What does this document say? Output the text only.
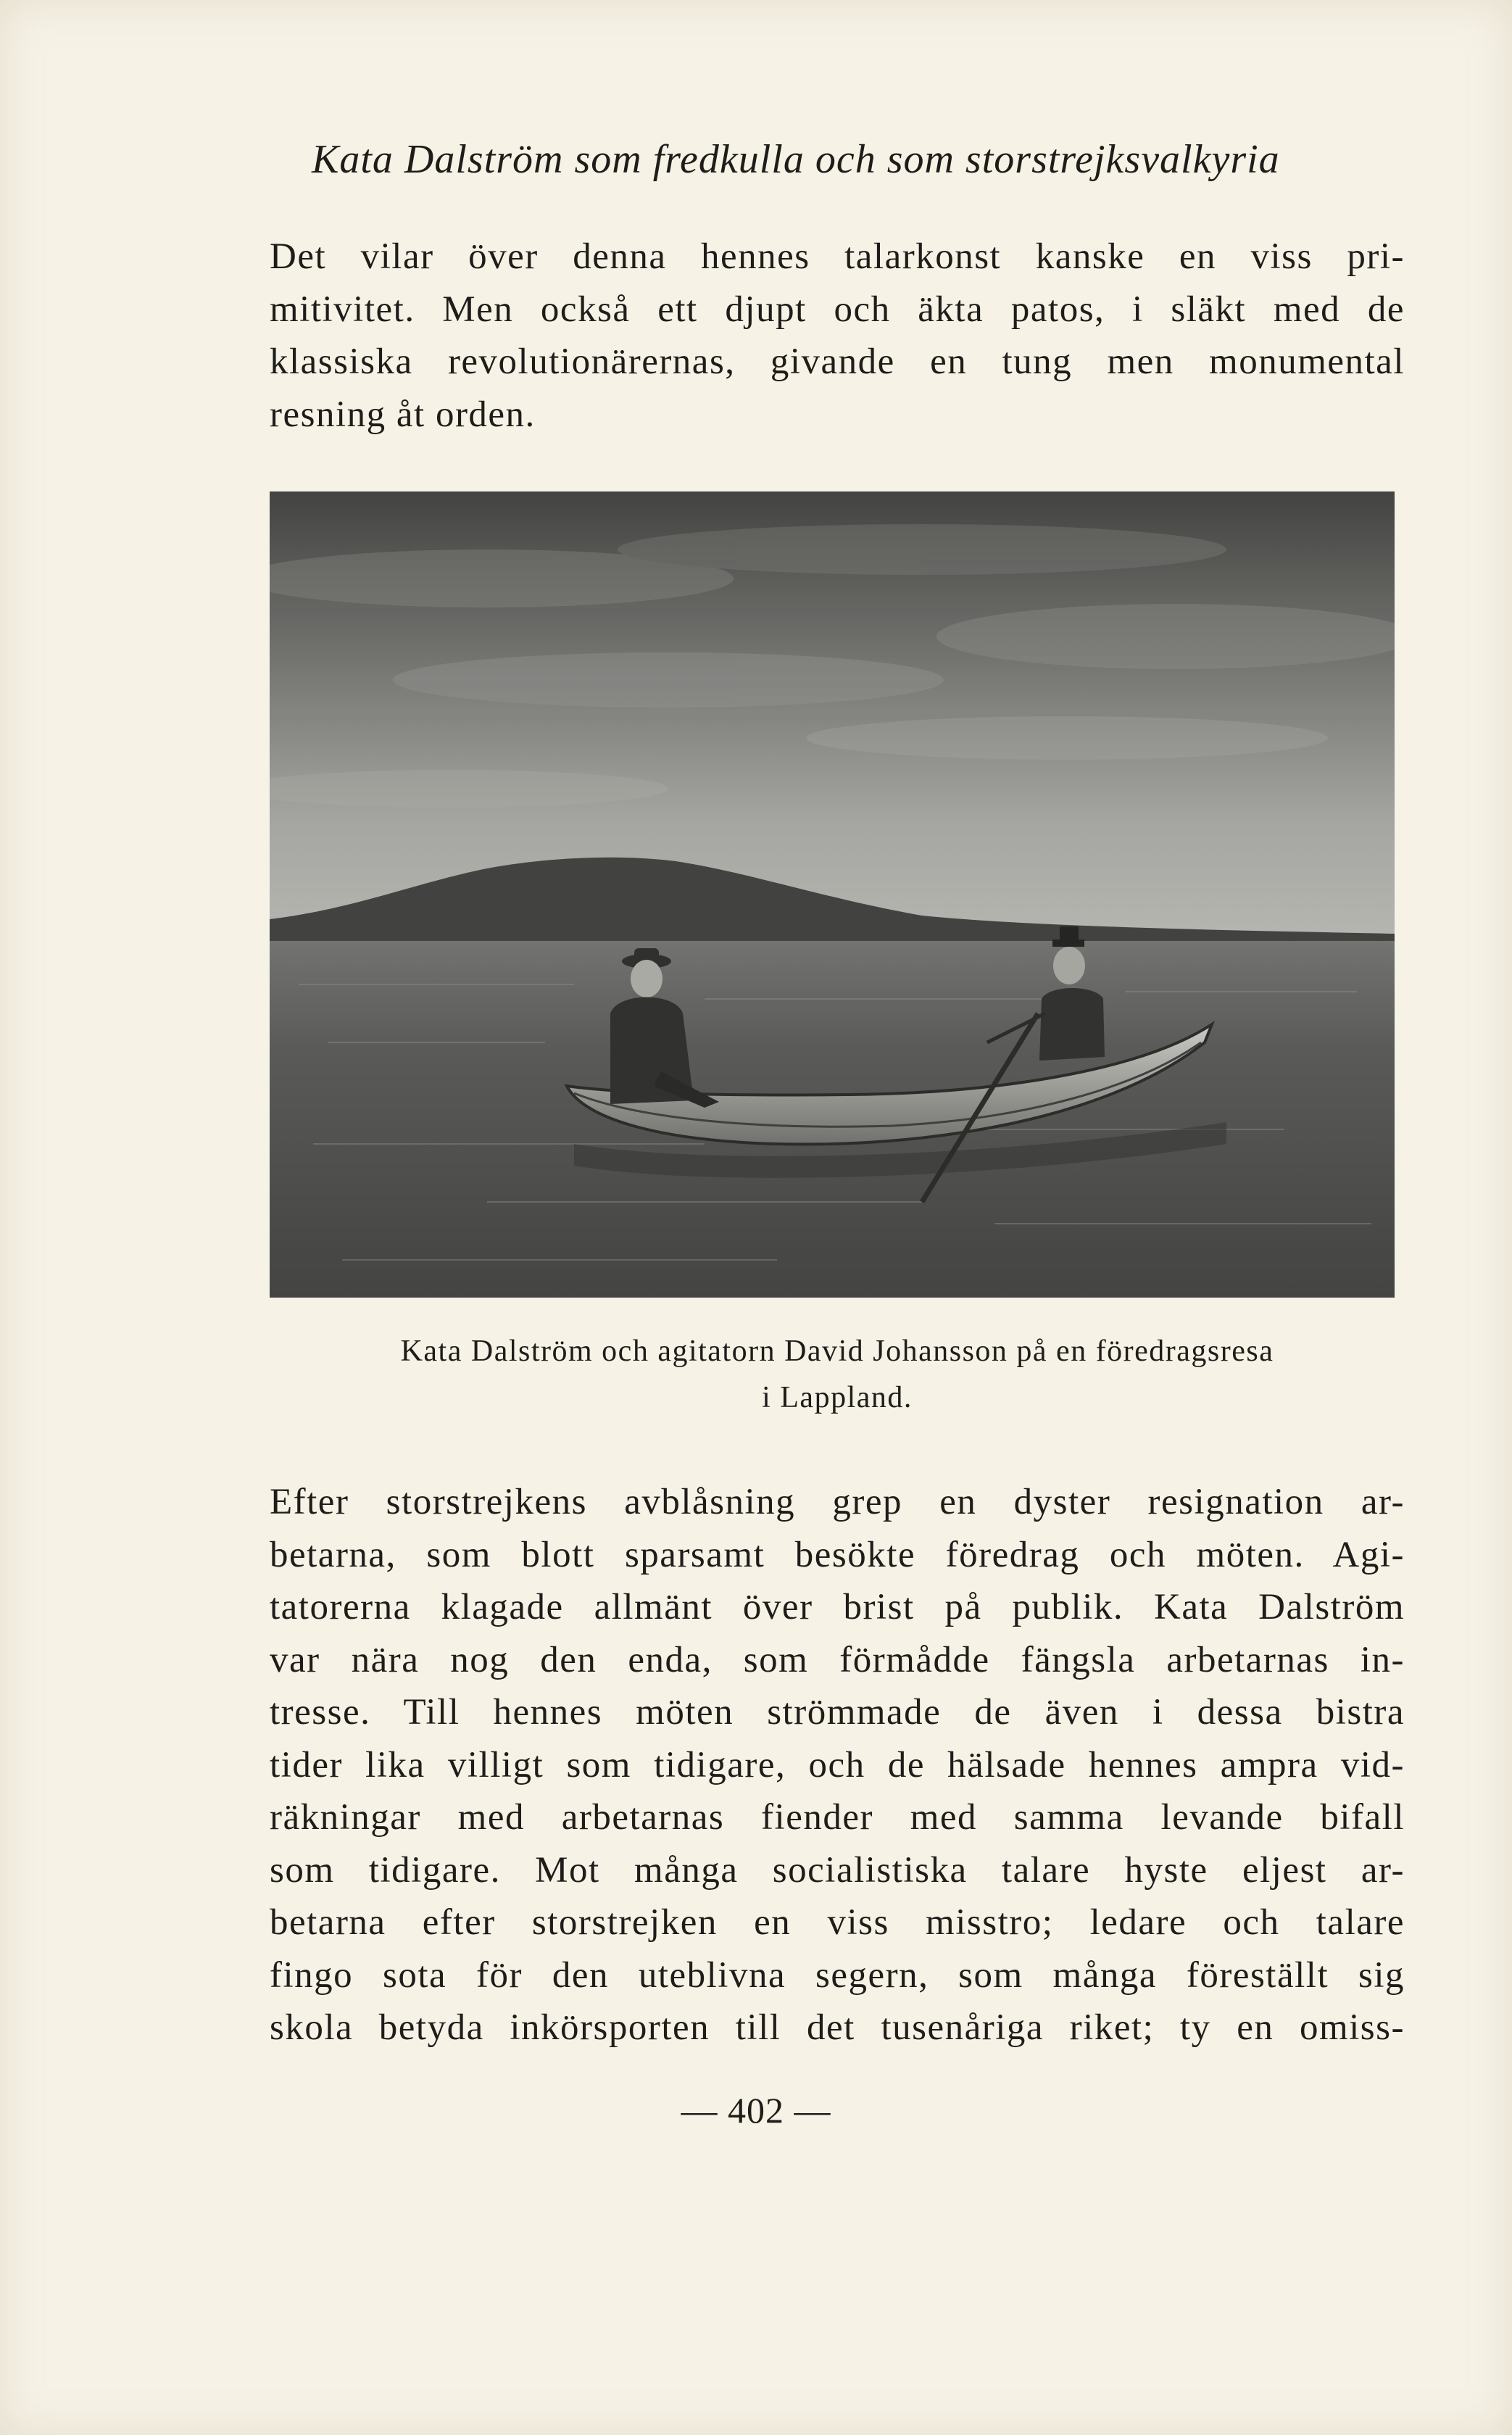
Kata Dalström som fredkulla och som storstrejksvalkyria
Det vilar över denna hennes talarkonst kanske en viss pri-
mitivitet. Men också ett djupt och äkta patos, i släkt med de
klassiska revolutionärernas, givande en tung men monumental
resning åt orden.
Kata Dalström och agitatorn David Johansson på en föredragsresa
i Lappland.
Efter storstrejkens avblåsning grep en dyster resignation ar-
betarna, som blott sparsamt besökte föredrag och möten. Agi-
tatorerna klagade allmänt över brist på publik. Kata Dalström
var nära nog den enda, som förmådde fängsla arbetarnas in-
tresse. Till hennes möten strömmade de även i dessa bistra
tider lika villigt som tidigare, och de hälsade hennes ampra vid-
räkningar med arbetarnas fiender med samma levande bifall
som tidigare. Mot många socialistiska talare hyste eljest ar-
betarna efter storstrejken en viss misstro; ledare och talare
fingo sota för den uteblivna segern, som många föreställt sig
skola betyda inkörsporten till det tusenåriga riket; ty en omiss-
— 402 —
